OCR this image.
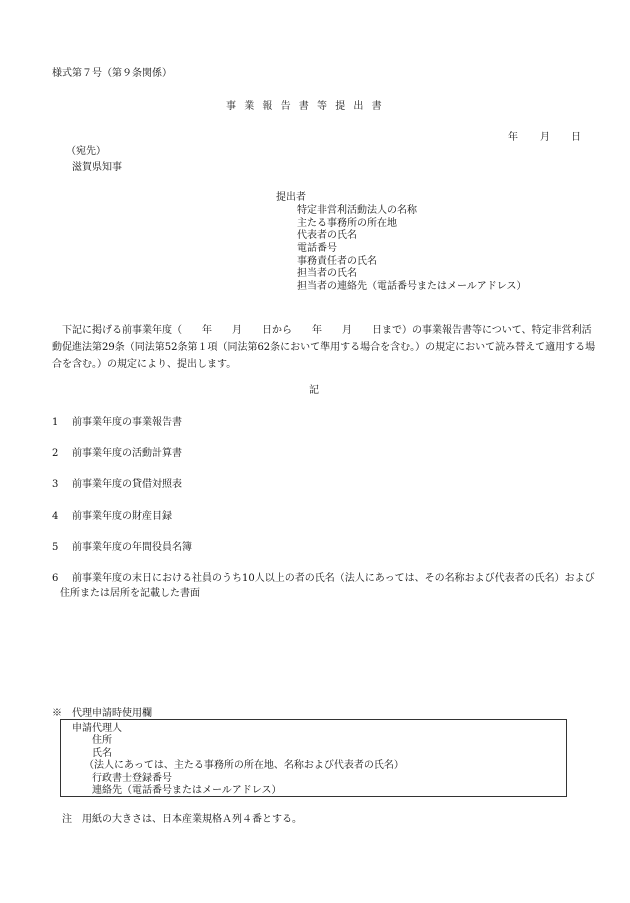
様式第７号（第９条関係）
事業報告書等提出書
年 月 日
（宛先）
滋賀県知事
提出者
特定非営利活動法人の名称
主たる事務所の所在地
代表者の氏名
電話番号
事務責任者の氏名
担当者の氏名
担当者の連絡先（電話番号またはメールアドレス）
下記に掲げる前事業年度（　　年　　月　　日から　　年　　月　　日まで）の事業報告書等について、特定非営利活
動促進法第29条（同法第52条第１項（同法第62条において準用する場合を含む。）の規定において読み替えて適用する場
合を含む。）の規定により、提出します。
記
1 前事業年度の事業報告書
2 前事業年度の活動計算書
3 前事業年度の貸借対照表
4 前事業年度の財産目録
5 前事業年度の年間役員名簿
6 前事業年度の末日における社員のうち10人以上の者の氏名（法人にあっては、その名称および代表者の氏名）および
住所または居所を記載した書面
※　代理申請時使用欄
申請代理人
住所
氏名
（法人にあっては、主たる事務所の所在地、名称および代表者の氏名）
行政書士登録番号
連絡先（電話番号またはメールアドレス）
注　用紙の大きさは、日本産業規格Ａ列４番とする。
